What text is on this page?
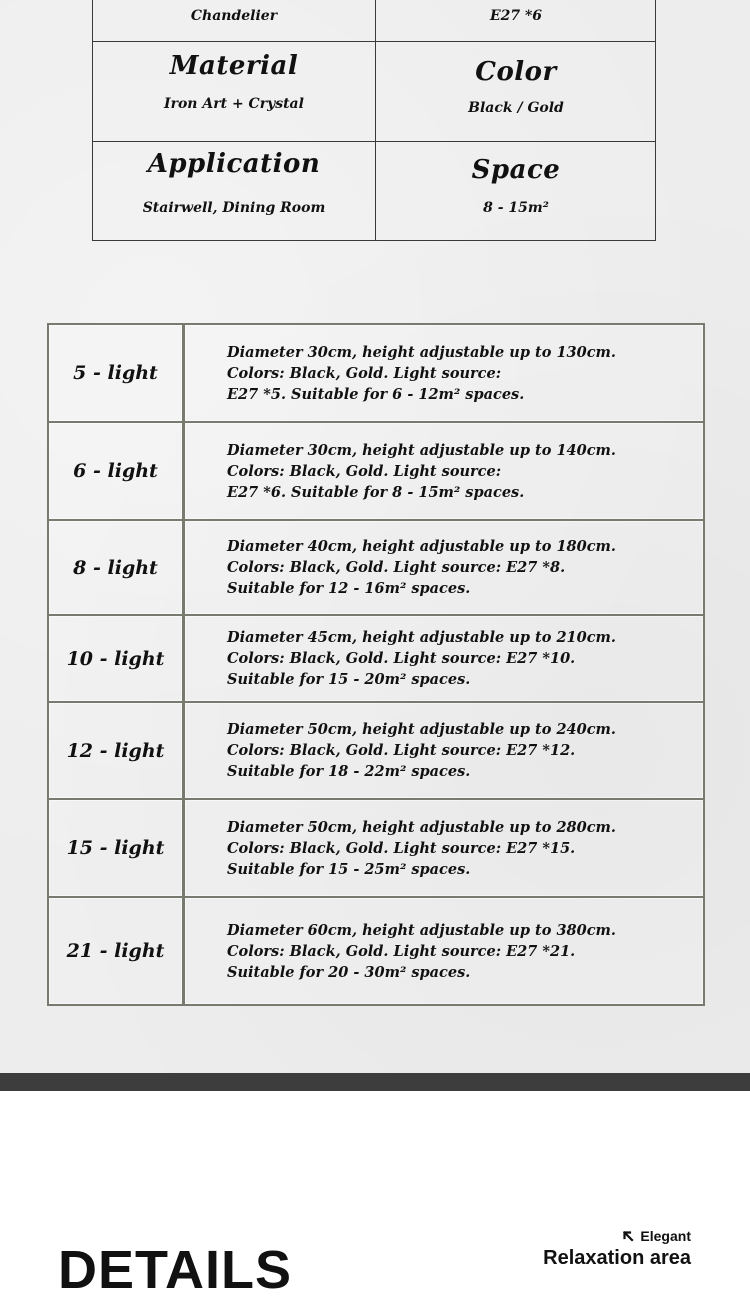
Chandelier	E27 *6
Material
Iron Art + Crystal
Color
Black / Gold
Application
Stairwell, Dining Room
Space
8 - 15m²
5 - light
Diameter 30cm, height adjustable up to 130cm.
Colors: Black, Gold. Light source:
E27 *5. Suitable for 6 - 12m² spaces.
6 - light
Diameter 30cm, height adjustable up to 140cm.
Colors: Black, Gold. Light source:
E27 *6. Suitable for 8 - 15m² spaces.
8 - light
Diameter 40cm, height adjustable up to 180cm.
Colors: Black, Gold. Light source: E27 *8.
Suitable for 12 - 16m² spaces.
10 - light
Diameter 45cm, height adjustable up to 210cm.
Colors: Black, Gold. Light source: E27 *10.
Suitable for 15 - 20m² spaces.
12 - light
Diameter 50cm, height adjustable up to 240cm.
Colors: Black, Gold. Light source: E27 *12.
Suitable for 18 - 22m² spaces.
15 - light
Diameter 50cm, height adjustable up to 280cm.
Colors: Black, Gold. Light source: E27 *15.
Suitable for 15 - 25m² spaces.
21 - light
Diameter 60cm, height adjustable up to 380cm.
Colors: Black, Gold. Light source: E27 *21.
Suitable for 20 - 30m² spaces.
Elegant
Relaxation area
DETAILS
